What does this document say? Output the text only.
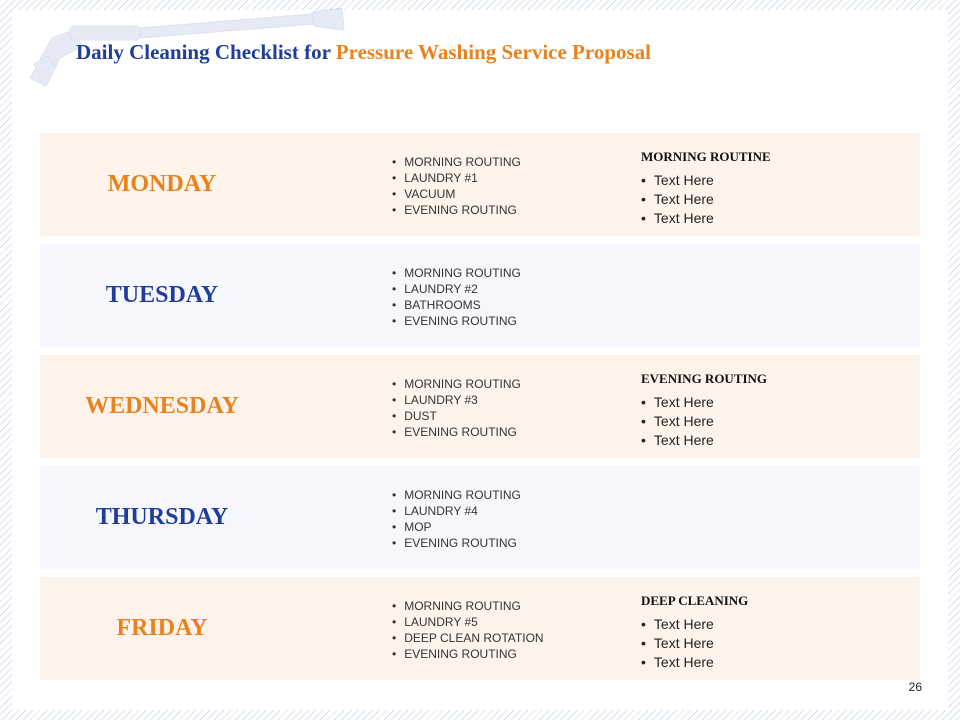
Daily Cleaning Checklist for Pressure Washing Service Proposal
MONDAY
• MORNING ROUTING
• LAUNDRY #1
• VACUUM
• EVENING ROUTING
MORNING ROUTINE
• Text Here
• Text Here
• Text Here
TUESDAY
• MORNING ROUTING
• LAUNDRY #2
• BATHROOMS
• EVENING ROUTING
WEDNESDAY
• MORNING ROUTING
• LAUNDRY #3
• DUST
• EVENING ROUTING
EVENING ROUTING
• Text Here
• Text Here
• Text Here
THURSDAY
• MORNING ROUTING
• LAUNDRY #4
• MOP
• EVENING ROUTING
FRIDAY
• MORNING ROUTING
• LAUNDRY #5
• DEEP CLEAN ROTATION
• EVENING ROUTING
DEEP CLEANING
• Text Here
• Text Here
• Text Here
26
